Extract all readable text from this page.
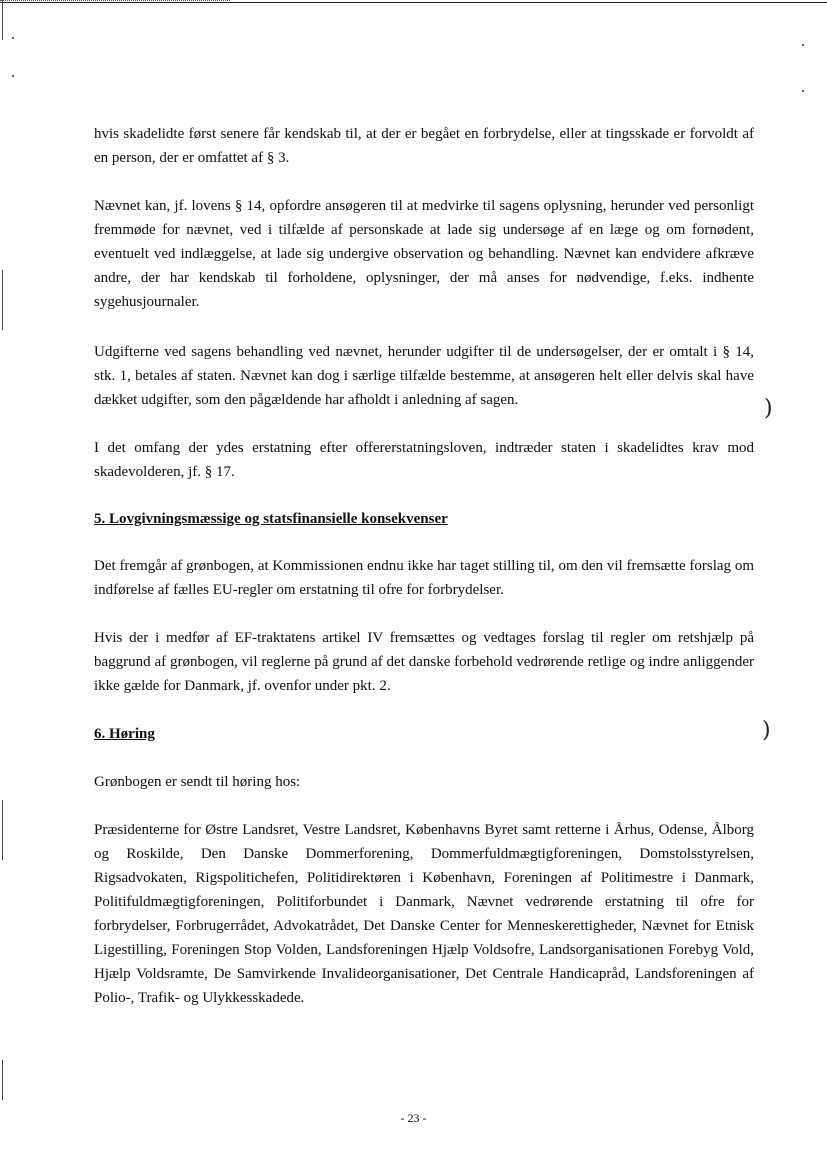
)
)

hvis skadelidte først senere får kendskab til, at der er begået en forbrydelse, eller at tingsskade er forvoldt af en person, der er omfattet af § 3.

Nævnet kan, jf. lovens § 14, opfordre ansøgeren til at medvirke til sagens oplysning, herunder ved personligt fremmøde for nævnet, ved i tilfælde af personskade at lade sig undersøge af en læge og om fornødent, eventuelt ved indlæggelse, at lade sig undergive observation og behandling. Nævnet kan endvidere afkræve andre, der har kendskab til forholdene, oplysninger, der må anses for nødvendige, f.eks. indhente sygehusjournaler.

Udgifterne ved sagens behandling ved nævnet, herunder udgifter til de undersøgelser, der er omtalt i § 14, stk. 1, betales af staten. Nævnet kan dog i særlige tilfælde bestemme, at ansøgeren helt eller delvis skal have dækket udgifter, som den pågældende har afholdt i anledning af sagen.

I det omfang der ydes erstatning efter offererstatningsloven, indtræder staten i skadelidtes krav mod skadevolderen, jf. § 17.

5. Lovgivningsmæssige og statsfinansielle konsekvenser

Det fremgår af grønbogen, at Kommissionen endnu ikke har taget stilling til, om den vil fremsætte forslag om indførelse af fælles EU-regler om erstatning til ofre for forbrydelser.

Hvis der i medfør af EF-traktatens artikel IV fremsættes og vedtages forslag til regler om retshjælp på baggrund af grønbogen, vil reglerne på grund af det danske forbehold vedrørende retlige og indre anliggender ikke gælde for Danmark, jf. ovenfor under pkt. 2.

6. Høring

Grønbogen er sendt til høring hos:

Præsidenterne for Østre Landsret, Vestre Landsret, Københavns Byret samt retterne i Århus, Odense, Ålborg og Roskilde, Den Danske Dommerforening, Dommerfuldmægtigforeningen, Domstolsstyrelsen, Rigsadvokaten, Rigspolitichefen, Politidirektøren i København, Foreningen af Politimestre i Danmark, Politifuldmægtigforeningen, Politiforbundet i Danmark, Nævnet vedrørende erstatning til ofre for forbrydelser, Forbrugerrådet, Advokatrådet, Det Danske Center for Menneskerettigheder, Nævnet for Etnisk Ligestilling, Foreningen Stop Volden, Landsforeningen Hjælp Voldsofre, Landsorganisationen Forebyg Vold, Hjælp Voldsramte, De Samvirkende Invalideorganisationer, Det Centrale Handicapråd, Landsforeningen af Polio-, Trafik- og Ulykkesskadede.

- 23 -
